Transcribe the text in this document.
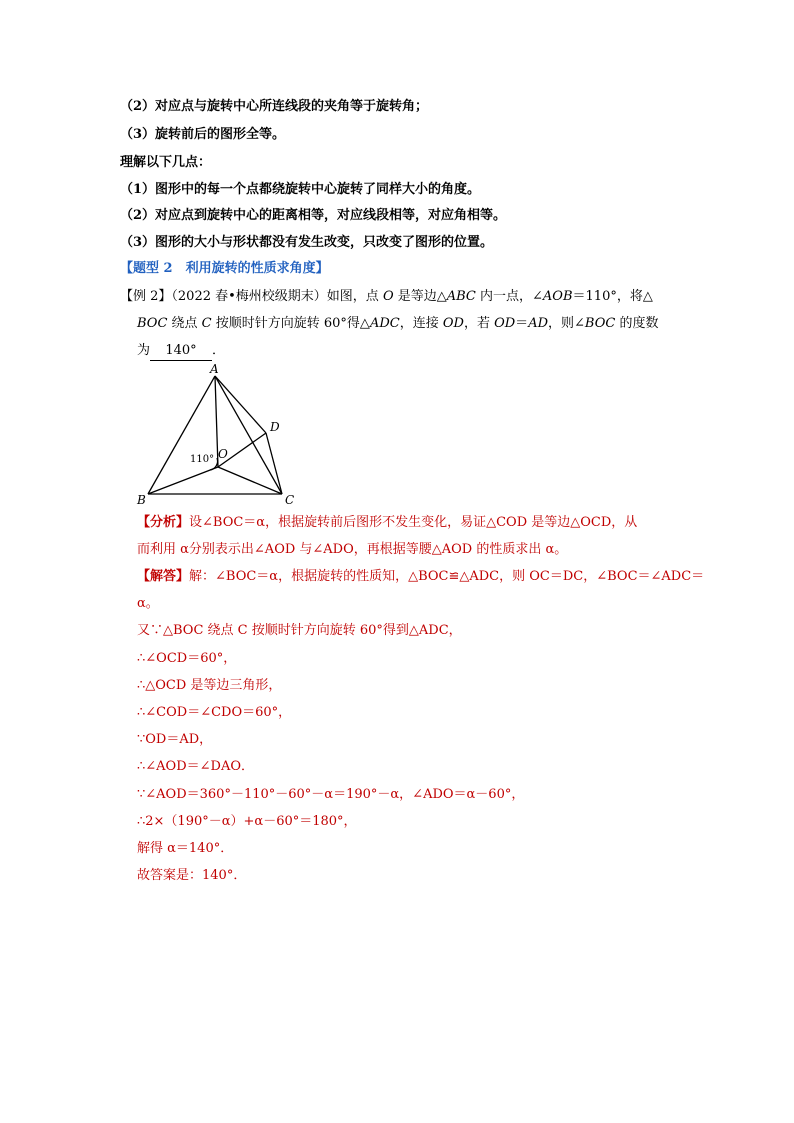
（2）对应点与旋转中心所连线段的夹角等于旋转角；
（3）旋转前后的图形全等。
理解以下几点：
（1）图形中的每一个点都绕旋转中心旋转了同样大小的角度。
（2）对应点到旋转中心的距离相等，对应线段相等，对应角相等。
（3）图形的大小与形状都没有发生改变，只改变了图形的位置。
【题型 2　利用旋转的性质求角度】
【例 2】（2022 春•梅州校级期末）如图，点 O 是等边△ABC 内一点，∠AOB＝110°，将△
BOC 绕点 C 按顺时针方向旋转 60°得△ADC，连接 OD，若 OD＝AD，则∠BOC 的度数
为 140° ．
A
B	C
D
O
110°
【分析】设∠BOC＝α，根据旋转前后图形不发生变化，易证△COD 是等边△OCD，从
而利用 α分别表示出∠AOD 与∠ADO，再根据等腰△AOD 的性质求出 α。
【解答】解：∠BOC＝α，根据旋转的性质知，△BOC≌△ADC，则 OC＝DC，∠BOC＝∠ADC＝
α。
又∵△BOC 绕点 C 按顺时针方向旋转 60°得到△ADC，
∴∠OCD＝60°，
∴△OCD 是等边三角形，
∴∠COD＝∠CDO＝60°，
∵OD＝AD，
∴∠AOD＝∠DAO．
∵∠AOD＝360°－110°－60°－α＝190°－α，∠ADO＝α－60°，
∴2×（190°－α）+α－60°＝180°，
解得 α＝140°．
故答案是：140°．
